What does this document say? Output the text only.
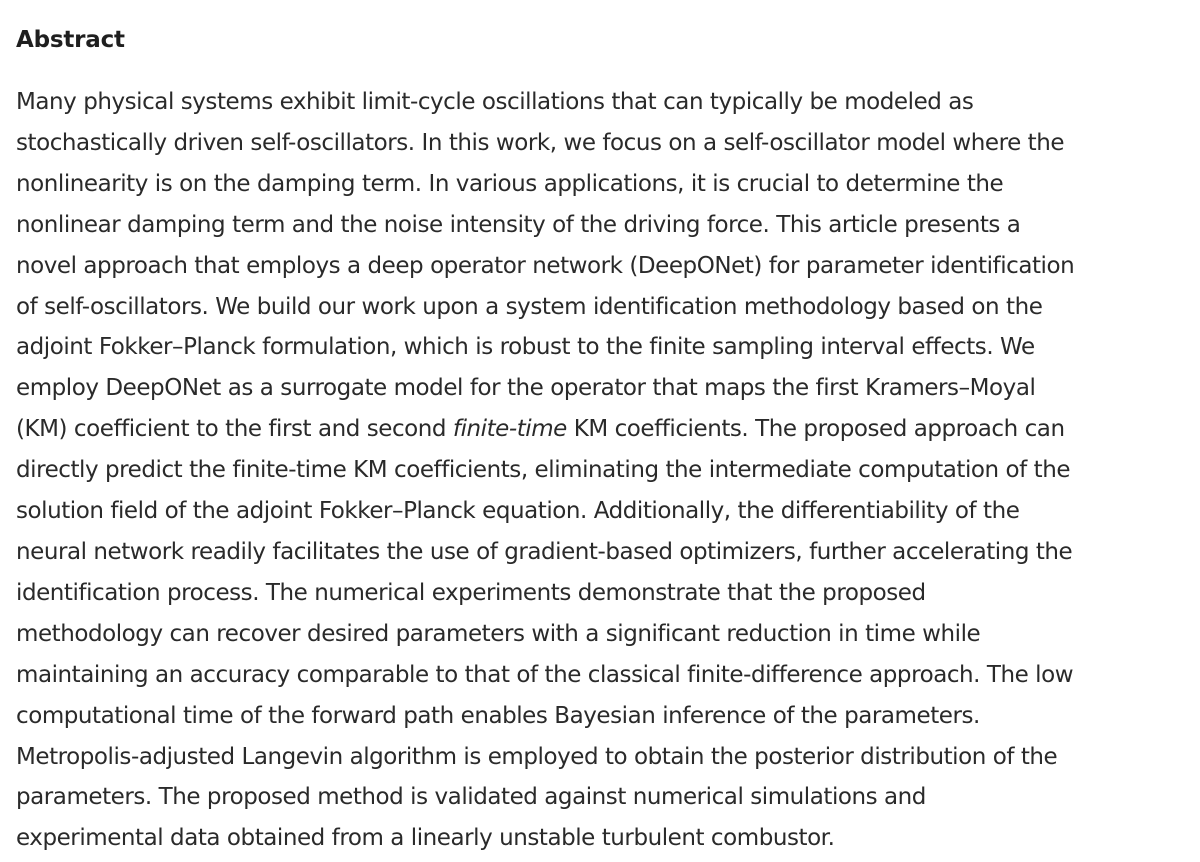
Abstract
Many physical systems exhibit limit-cycle oscillations that can typically be modeled as
stochastically driven self-oscillators. In this work, we focus on a self-oscillator model where the
nonlinearity is on the damping term. In various applications, it is crucial to determine the
nonlinear damping term and the noise intensity of the driving force. This article presents a
novel approach that employs a deep operator network (DeepONet) for parameter identification
of self-oscillators. We build our work upon a system identification methodology based on the
adjoint Fokker–Planck formulation, which is robust to the finite sampling interval effects. We
employ DeepONet as a surrogate model for the operator that maps the first Kramers–Moyal
(KM) coefficient to the first and second finite-time KM coefficients. The proposed approach can
directly predict the finite-time KM coefficients, eliminating the intermediate computation of the
solution field of the adjoint Fokker–Planck equation. Additionally, the differentiability of the
neural network readily facilitates the use of gradient-based optimizers, further accelerating the
identification process. The numerical experiments demonstrate that the proposed
methodology can recover desired parameters with a significant reduction in time while
maintaining an accuracy comparable to that of the classical finite-difference approach. The low
computational time of the forward path enables Bayesian inference of the parameters.
Metropolis-adjusted Langevin algorithm is employed to obtain the posterior distribution of the
parameters. The proposed method is validated against numerical simulations and
experimental data obtained from a linearly unstable turbulent combustor.
